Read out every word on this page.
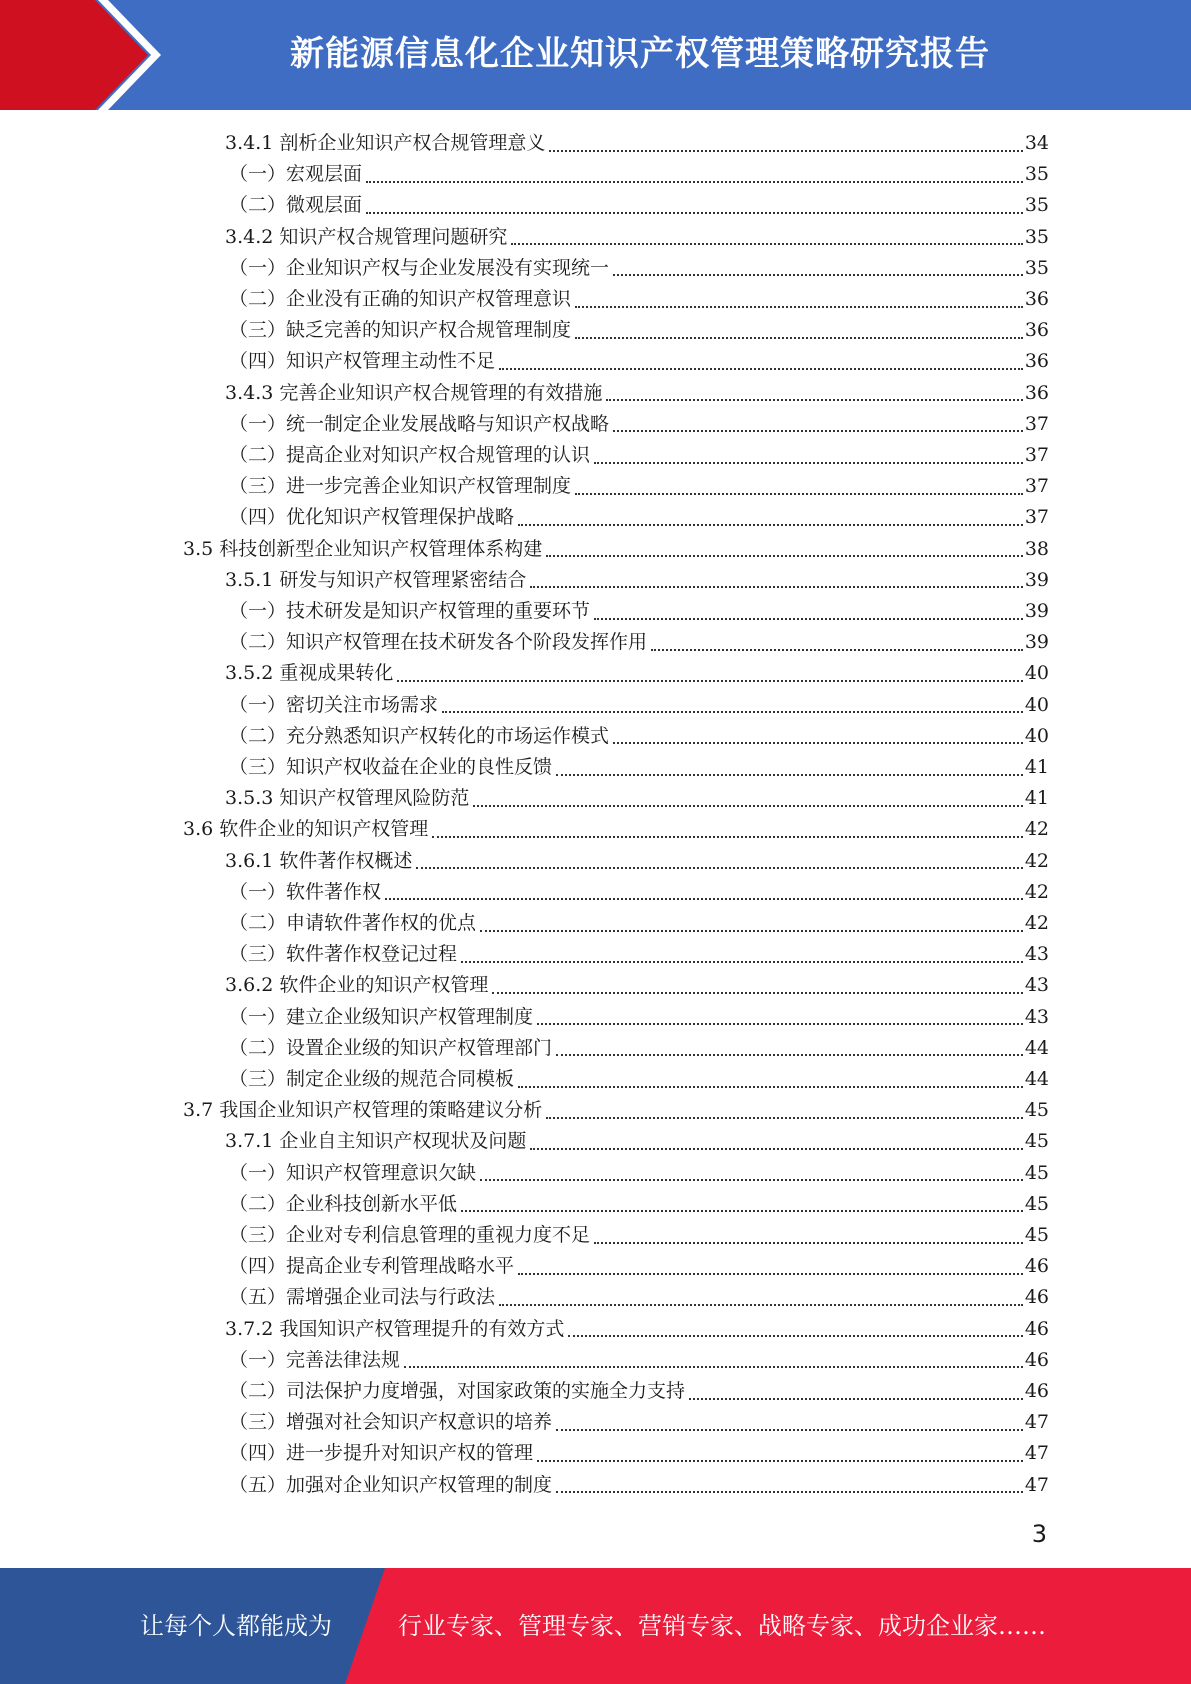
新能源信息化企业知识产权管理策略研究报告
3.4.1 剖析企业知识产权合规管理意义	34
（一）宏观层面	35
（二）微观层面	35
3.4.2 知识产权合规管理问题研究	35
（一）企业知识产权与企业发展没有实现统一	35
（二）企业没有正确的知识产权管理意识	36
（三）缺乏完善的知识产权合规管理制度	36
（四）知识产权管理主动性不足	36
3.4.3 完善企业知识产权合规管理的有效措施	36
（一）统一制定企业发展战略与知识产权战略	37
（二）提高企业对知识产权合规管理的认识	37
（三）进一步完善企业知识产权管理制度	37
（四）优化知识产权管理保护战略	37
3.5 科技创新型企业知识产权管理体系构建	38
3.5.1 研发与知识产权管理紧密结合	39
（一）技术研发是知识产权管理的重要环节	39
（二）知识产权管理在技术研发各个阶段发挥作用	39
3.5.2 重视成果转化	40
（一）密切关注市场需求	40
（二）充分熟悉知识产权转化的市场运作模式	40
（三）知识产权收益在企业的良性反馈	41
3.5.3 知识产权管理风险防范	41
3.6 软件企业的知识产权管理	42
3.6.1 软件著作权概述	42
（一）软件著作权	42
（二）申请软件著作权的优点	42
（三）软件著作权登记过程	43
3.6.2 软件企业的知识产权管理	43
（一）建立企业级知识产权管理制度	43
（二）设置企业级的知识产权管理部门	44
（三）制定企业级的规范合同模板	44
3.7 我国企业知识产权管理的策略建议分析	45
3.7.1 企业自主知识产权现状及问题	45
（一）知识产权管理意识欠缺	45
（二）企业科技创新水平低	45
（三）企业对专利信息管理的重视力度不足	45
（四）提高企业专利管理战略水平	46
（五）需增强企业司法与行政法	46
3.7.2 我国知识产权管理提升的有效方式	46
（一）完善法律法规	46
（二）司法保护力度增强，对国家政策的实施全力支持	46
（三）增强对社会知识产权意识的培养	47
（四）进一步提升对知识产权的管理	47
（五）加强对企业知识产权管理的制度	47
3
让每个人都能成为	行业专家、管理专家、营销专家、战略专家、成功企业家……
